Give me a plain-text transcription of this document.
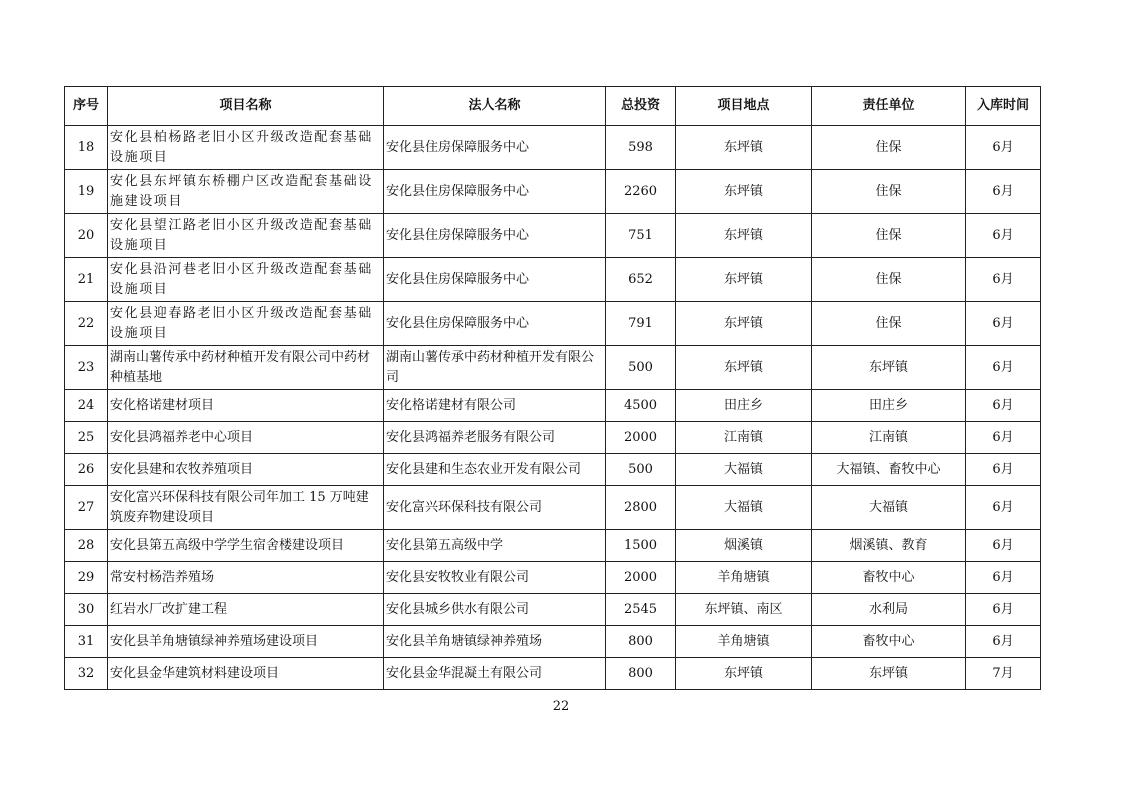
序号	项目名称	法人名称	总投资	项目地点	责任单位	入库时间
18	安化县柏杨路老旧小区升级改造配套基础设施项目	安化县住房保障服务中心	598	东坪镇	住保	6月
19	安化县东坪镇东桥棚户区改造配套基础设施建设项目	安化县住房保障服务中心	2260	东坪镇	住保	6月
20	安化县望江路老旧小区升级改造配套基础设施项目	安化县住房保障服务中心	751	东坪镇	住保	6月
21	安化县沿河巷老旧小区升级改造配套基础设施项目	安化县住房保障服务中心	652	东坪镇	住保	6月
22	安化县迎春路老旧小区升级改造配套基础设施项目	安化县住房保障服务中心	791	东坪镇	住保	6月
23	湖南山薯传承中药材种植开发有限公司中药材种植基地	湖南山薯传承中药材种植开发有限公司	500	东坪镇	东坪镇	6月
24	安化格诺建材项目	安化格诺建材有限公司	4500	田庄乡	田庄乡	6月
25	安化县鸿福养老中心项目	安化县鸿福养老服务有限公司	2000	江南镇	江南镇	6月
26	安化县建和农牧养殖项目	安化县建和生态农业开发有限公司	500	大福镇	大福镇、畜牧中心	6月
27	安化富兴环保科技有限公司年加工 15 万吨建筑废弃物建设项目	安化富兴环保科技有限公司	2800	大福镇	大福镇	6月
28	安化县第五高级中学学生宿舍楼建设项目	安化县第五高级中学	1500	烟溪镇	烟溪镇、教育	6月
29	常安村杨浩养殖场	安化县安牧牧业有限公司	2000	羊角塘镇	畜牧中心	6月
30	红岩水厂改扩建工程	安化县城乡供水有限公司	2545	东坪镇、南区	水利局	6月
31	安化县羊角塘镇绿神养殖场建设项目	安化县羊角塘镇绿神养殖场	800	羊角塘镇	畜牧中心	6月
32	安化县金华建筑材料建设项目	安化县金华混凝土有限公司	800	东坪镇	东坪镇	7月
22
